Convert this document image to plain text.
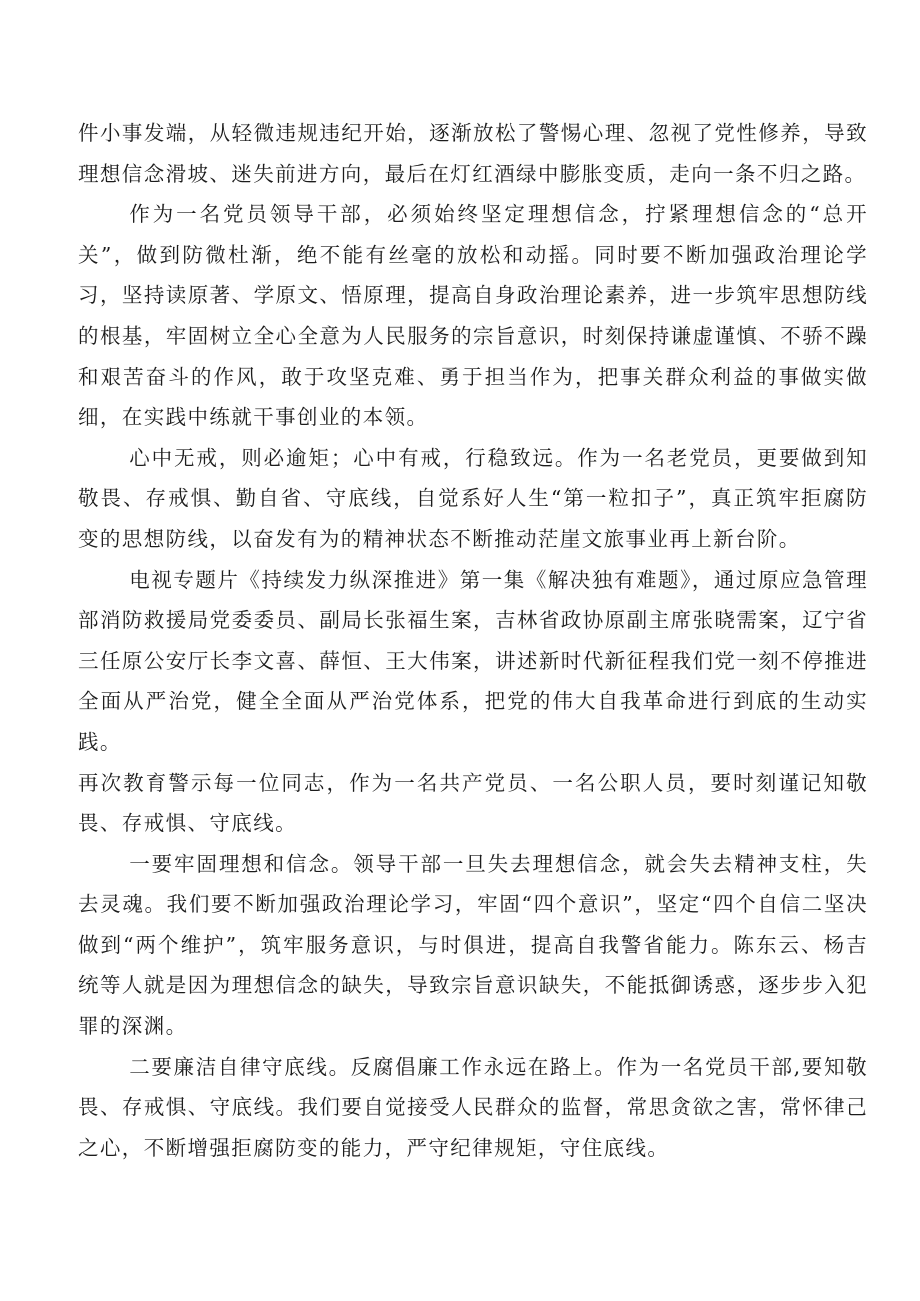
件小事发端，从轻微违规违纪开始，逐渐放松了警惕心理、忽视了党性修养，导致理想信念滑坡、迷失前进方向，最后在灯红酒绿中膨胀变质，走向一条不归之路。

作为一名党员领导干部，必须始终坚定理想信念，拧紧理想信念的“总开关”，做到防微杜渐，绝不能有丝毫的放松和动摇。同时要不断加强政治理论学习，坚持读原著、学原文、悟原理，提高自身政治理论素养，进一步筑牢思想防线的根基，牢固树立全心全意为人民服务的宗旨意识，时刻保持谦虚谨慎、不骄不躁和艰苦奋斗的作风，敢于攻坚克难、勇于担当作为，把事关群众利益的事做实做细，在实践中练就干事创业的本领。

心中无戒，则必逾矩；心中有戒，行稳致远。作为一名老党员，更要做到知敬畏、存戒惧、勤自省、守底线，自觉系好人生“第一粒扣子”，真正筑牢拒腐防变的思想防线，以奋发有为的精神状态不断推动茫崖文旅事业再上新台阶。

电视专题片《持续发力纵深推进》第一集《解决独有难题》，通过原应急管理部消防救援局党委委员、副局长张福生案，吉林省政协原副主席张晓需案，辽宁省三任原公安厅长李文喜、薛恒、王大伟案，讲述新时代新征程我们党一刻不停推进全面从严治党，健全全面从严治党体系，把党的伟大自我革命进行到底的生动实践。

再次教育警示每一位同志，作为一名共产党员、一名公职人员，要时刻谨记知敬畏、存戒惧、守底线。

一要牢固理想和信念。领导干部一旦失去理想信念，就会失去精神支柱，失去灵魂。我们要不断加强政治理论学习，牢固“四个意识”，坚定“四个自信二坚决做到“两个维护”，筑牢服务意识，与时俱进，提高自我警省能力。陈东云、杨吉统等人就是因为理想信念的缺失，导致宗旨意识缺失，不能抵御诱惑，逐步步入犯罪的深渊。

二要廉洁自律守底线。反腐倡廉工作永远在路上。作为一名党员干部,要知敬畏、存戒惧、守底线。我们要自觉接受人民群众的监督，常思贪欲之害，常怀律己之心，不断增强拒腐防变的能力，严守纪律规矩，守住底线。
